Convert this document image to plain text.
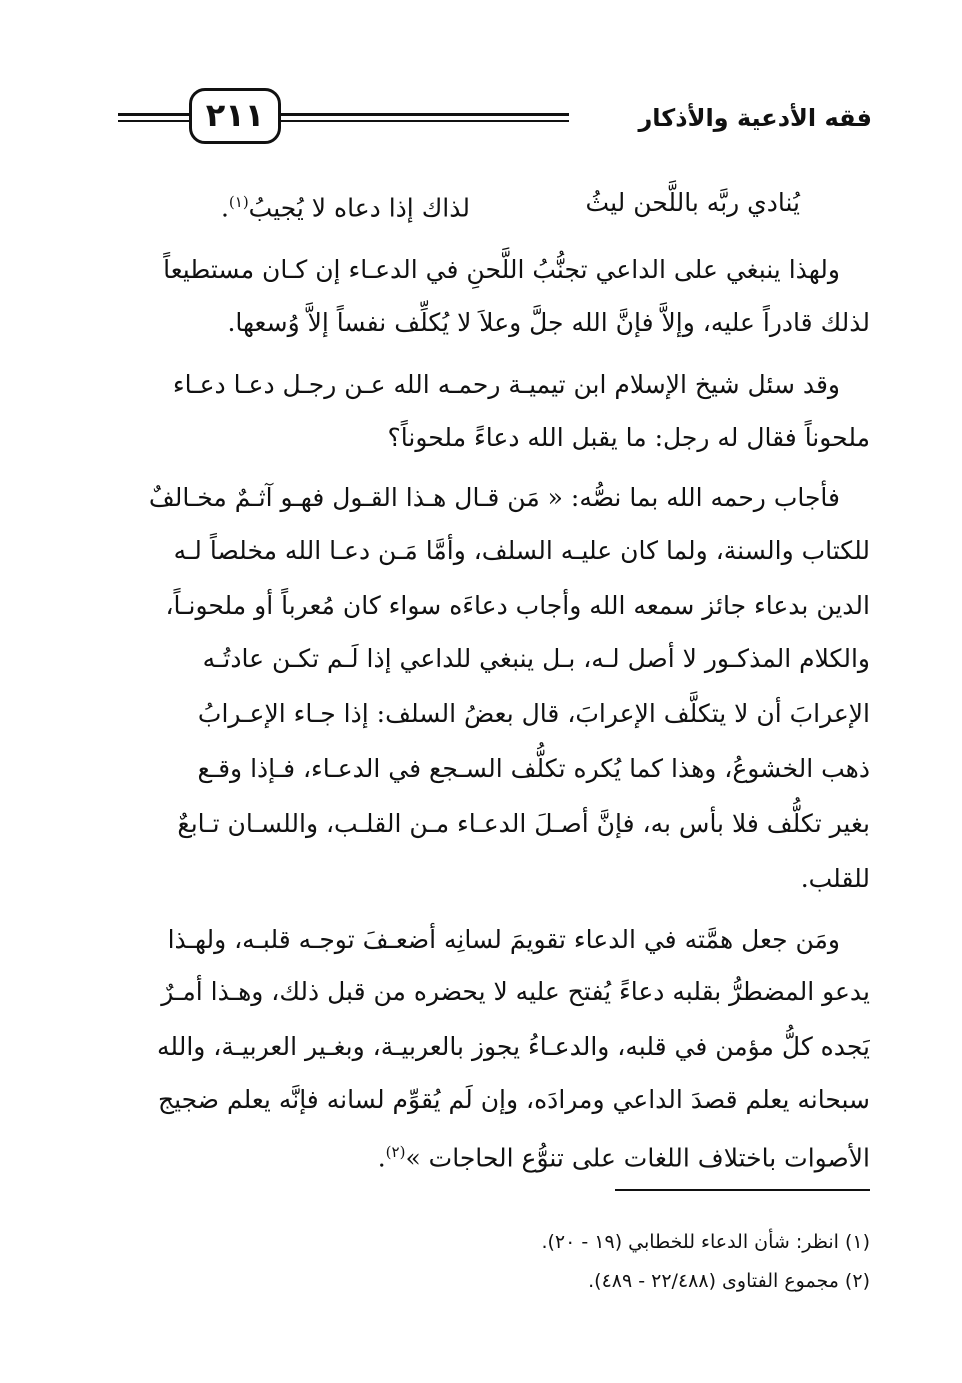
فقه الأدعية والأذكار
٢١١
يُنادي ربَّه باللَّحن ليثُ
لذاك إذا دعاه لا يُجيبُ$^{(١)}$.
ولهذا ينبغي على الداعي تجنُّبُ اللَّحنِ في الدعـاء إن كـان مستطيعاً
لذلك قادراً عليه، وإلاَّ فإنَّ الله جلَّ وعلاَ لا يُكلِّف نفساً إلاَّ وُسعها.
وقد سئل شيخ الإسلام ابن تيميـة رحمـه الله عـن رجـل دعـا دعـاء
ملحوناً فقال له رجل: ما يقبل الله دعاءً ملحوناً؟
فأجاب رحمه الله بما نصُّه: « مَن قـال هـذا القـول فهـو آثـمٌ مخـالفٌ
للكتاب والسنة، ولما كان عليـه السلف، وأمَّا مَـن دعـا الله مخلصاً لـه
الدين بدعاء جائز سمعه الله وأجاب دعاءَه سواء كان مُعرباً أو ملحونـاً،
والكلام المذكـور لا أصل لـه، بـل ينبغي للداعي إذا لَـم تكـن عادتُـه
الإعرابَ أن لا يتكلَّف الإعرابَ، قال بعضُ السلف: إذا جـاء الإعـرابُ
ذهب الخشوعُ، وهذا كما يُكره تكلُّف السـجع في الدعـاء، فـإذا وقـع
بغير تكلُّف فلا بأس به، فإنَّ أصـلَ الدعـاء مـن القلـب، واللسـان تـابعٌ
للقلب.
ومَن جعل همَّته في الدعاء تقويمَ لسانِه أضعـفَ توجـه قلبـه، ولهـذا
يدعو المضطرُّ بقلبه دعاءً يُفتح عليه لا يحضره من قبل ذلك، وهـذا أمـرٌ
يَجده كلُّ مؤمن في قلبه، والدعـاءُ يجوز بالعربيـة، وبغـير العربيـة، والله
سبحانه يعلم قصدَ الداعي ومرادَه، وإن لَم يُقوِّم لسانه فإنَّه يعلم ضجيج
الأصوات باختلاف اللغات على تنوُّع الحاجات »$^{(٢)}$.
(١) انظر: شأن الدعاء للخطابي (١٩ - ٢٠).
(٢) مجموع الفتاوى (٢٢/٤٨٨ - ٤٨٩).
